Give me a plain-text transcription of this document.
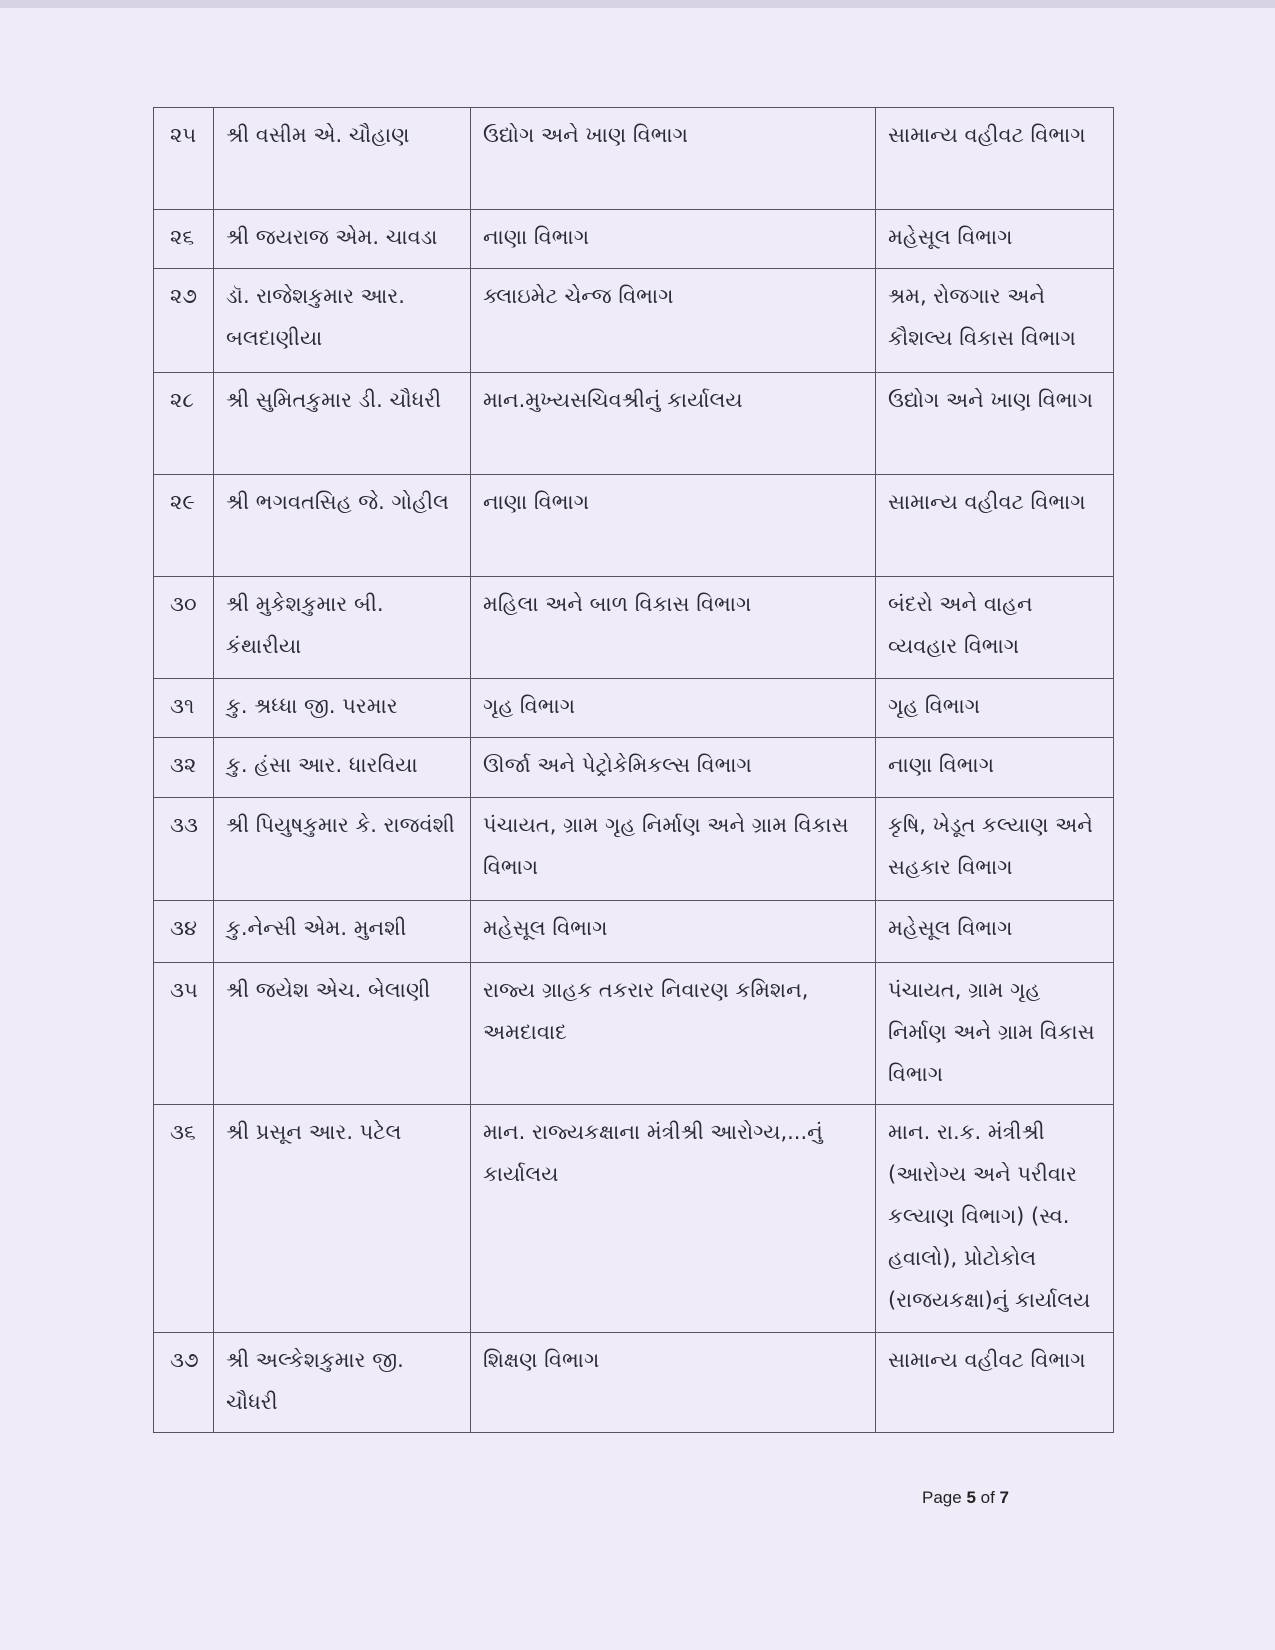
૨૫	શ્રી વસીમ એ. ચૌહાણ	ઉદ્યોગ અને ખાણ વિભાગ	સામાન્ય વહીવટ વિભાગ
૨૬	શ્રી જયરાજ એમ. ચાવડા	નાણા વિભાગ	મહેસૂલ વિભાગ
૨૭	ડૉ. રાજેશકુમાર આર. બલદાણીયા	ક્લાઇમેટ ચેન્જ વિભાગ	શ્રમ, રોજગાર અને કૌશલ્ય વિકાસ વિભાગ
૨૮	શ્રી સુમિતકુમાર ડી. ચૌધરી	માન.મુખ્યસચિવશ્રીનું કાર્યાલય	ઉદ્યોગ અને ખાણ વિભાગ
૨૯	શ્રી ભગવતસિહ જે. ગોહીલ	નાણા વિભાગ	સામાન્ય વહીવટ વિભાગ
૩૦	શ્રી મુકેશકુમાર બી. કંથારીયા	મહિલા અને બાળ વિકાસ વિભાગ	બંદરો અને વાહન વ્યવહાર વિભાગ
૩૧	કુ. શ્રધ્ધા જી. પરમાર	ગૃહ વિભાગ	ગૃહ વિભાગ
૩૨	કુ. હંસા આર. ધારવિયા	ઊર્જા અને પેટ્રોકેમિકલ્સ વિભાગ	નાણા વિભાગ
૩૩	શ્રી પિયુષકુમાર કે. રાજવંશી	પંચાયત, ગ્રામ ગૃહ નિર્માણ અને ગ્રામ વિકાસ વિભાગ	કૃષિ, ખેડૂત કલ્યાણ અને સહકાર વિભાગ
૩૪	કુ.નેન્સી એમ. મુનશી	મહેસૂલ વિભાગ	મહેસૂલ વિભાગ
૩૫	શ્રી જયેશ એચ. બેલાણી	રાજ્ય ગ્રાહક તકરાર નિવારણ કમિશન, અમદાવાદ	પંચાયત, ગ્રામ ગૃહ નિર્માણ અને ગ્રામ વિકાસ વિભાગ
૩૬	શ્રી પ્રસૂન આર. પટેલ	માન. રાજ્યકક્ષાના મંત્રીશ્રી આરોગ્ય,...નું કાર્યાલય	માન. રા.ક. મંત્રીશ્રી (આરોગ્ય અને પરીવાર કલ્યાણ વિભાગ) (સ્વ. હવાલો), પ્રોટોકોલ (રાજયકક્ષા)નું કાર્યાલય
૩૭	શ્રી અલ્કેશકુમાર જી. ચૌધરી	શિક્ષણ વિભાગ	સામાન્ય વહીવટ વિભાગ
Page 5 of 7
